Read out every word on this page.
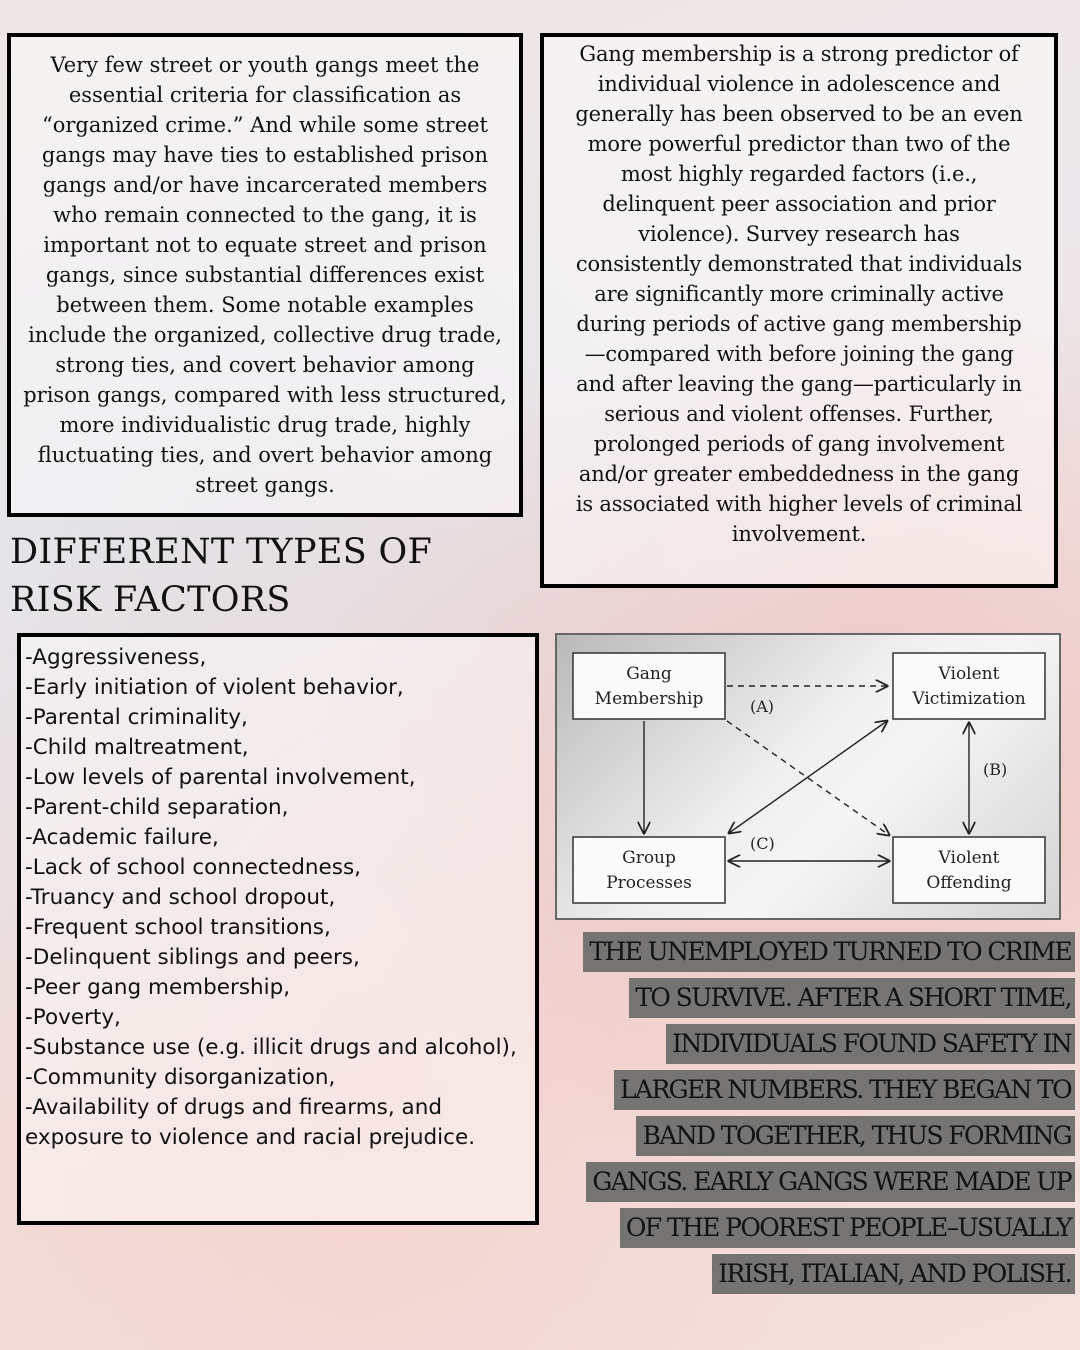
Very few street or youth gangs meet the essential criteria for classification as “organized crime.” And while some street gangs may have ties to established prison gangs and/or have incarcerated members who remain connected to the gang, it is important not to equate street and prison gangs, since substantial differences exist between them. Some notable examples include the organized, collective drug trade, strong ties, and covert behavior among prison gangs, compared with less structured, more individualistic drug trade, highly fluctuating ties, and overt behavior among street gangs.

Gang membership is a strong predictor of individual violence in adolescence and generally has been observed to be an even more powerful predictor than two of the most highly regarded factors (i.e., delinquent peer association and prior violence). Survey research has consistently demonstrated that individuals are significantly more criminally active during periods of active gang membership—compared with before joining the gang and after leaving the gang—particularly in serious and violent offenses. Further, prolonged periods of gang involvement and/or greater embeddedness in the gang is associated with higher levels of criminal involvement.

DIFFERENT TYPES OF
RISK FACTORS
-Aggressiveness,
-Early initiation of violent behavior,
-Parental criminality,
-Child maltreatment,
-Low levels of parental involvement,
-Parent-child separation,
-Academic failure,
-Lack of school connectedness,
-Truancy and school dropout,
-Frequent school transitions,
-Delinquent siblings and peers,
-Peer gang membership,
-Poverty,
-Substance use (e.g. illicit drugs and alcohol),
-Community disorganization,
-Availability of drugs and firearms, and exposure to violence and racial prejudice.
Gang
Membership
Violent
Victimization
Group
Processes
Violent
Offending
(A)
(B)
(C)
THE UNEMPLOYED TURNED TO CRIME
TO SURVIVE. AFTER A SHORT TIME,
INDIVIDUALS FOUND SAFETY IN
LARGER NUMBERS. THEY BEGAN TO
BAND TOGETHER, THUS FORMING
GANGS. EARLY GANGS WERE MADE UP
OF THE POOREST PEOPLE–USUALLY
IRISH, ITALIAN, AND POLISH.
